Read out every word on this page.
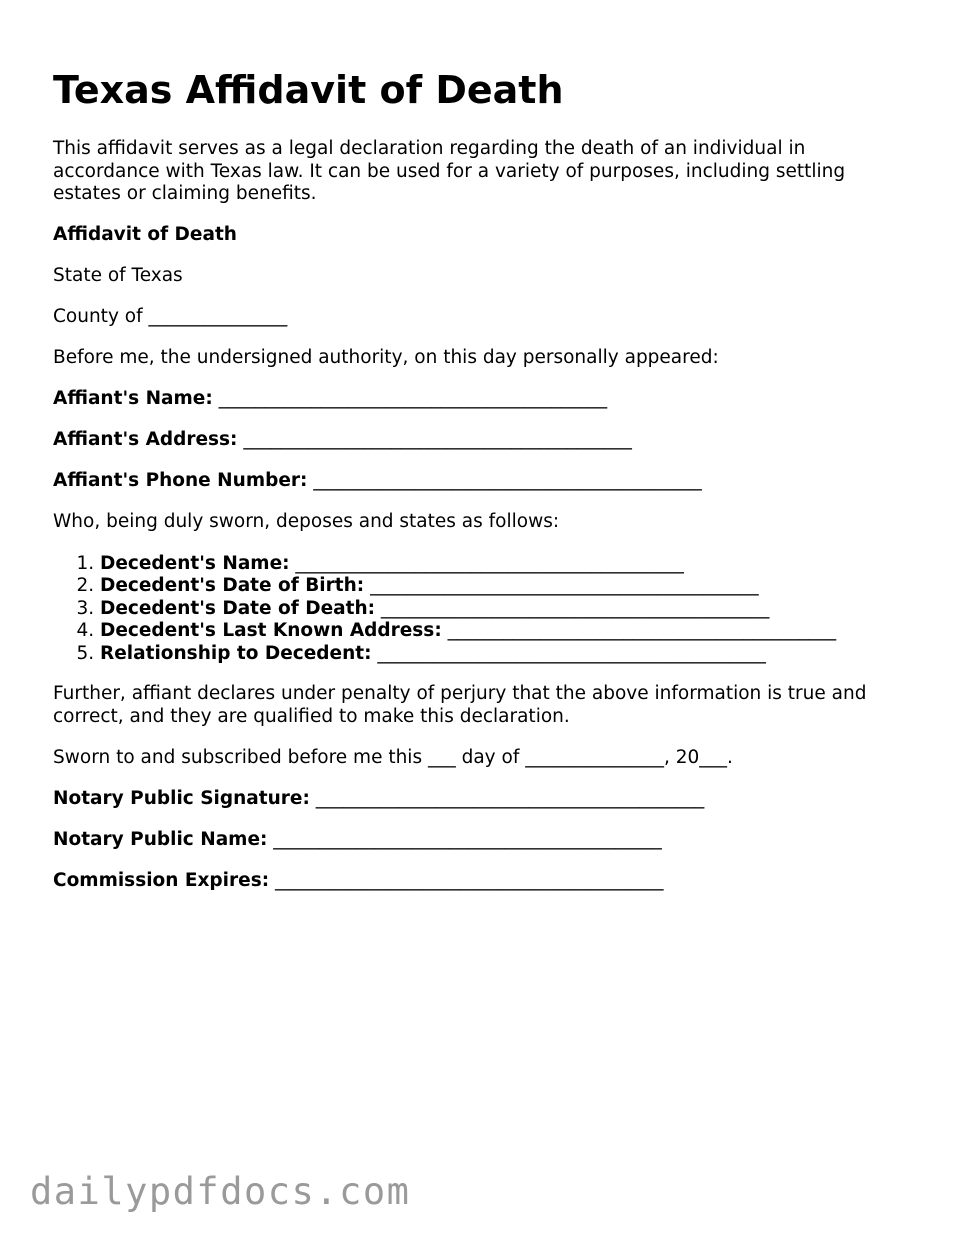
Texas Affidavit of Death

This affidavit serves as a legal declaration regarding the death of an individual in accordance with Texas law. It can be used for a variety of purposes, including settling estates or claiming benefits.

Affidavit of Death

State of Texas

County of _______________

Before me, the undersigned authority, on this day personally appeared:

Affiant's Name: __________________________________________
Affiant's Address: __________________________________________
Affiant's Phone Number: __________________________________________

Who, being duly sworn, deposes and states as follows:

1. Decedent's Name: __________________________________________
2. Decedent's Date of Birth: __________________________________________
3. Decedent's Date of Death: __________________________________________
4. Decedent's Last Known Address: __________________________________________
5. Relationship to Decedent: __________________________________________

Further, affiant declares under penalty of perjury that the above information is true and correct, and they are qualified to make this declaration.

Sworn to and subscribed before me this ___ day of _______________, 20___.

Notary Public Signature: __________________________________________
Notary Public Name: __________________________________________
Commission Expires: __________________________________________
dailypdfdocs.com
